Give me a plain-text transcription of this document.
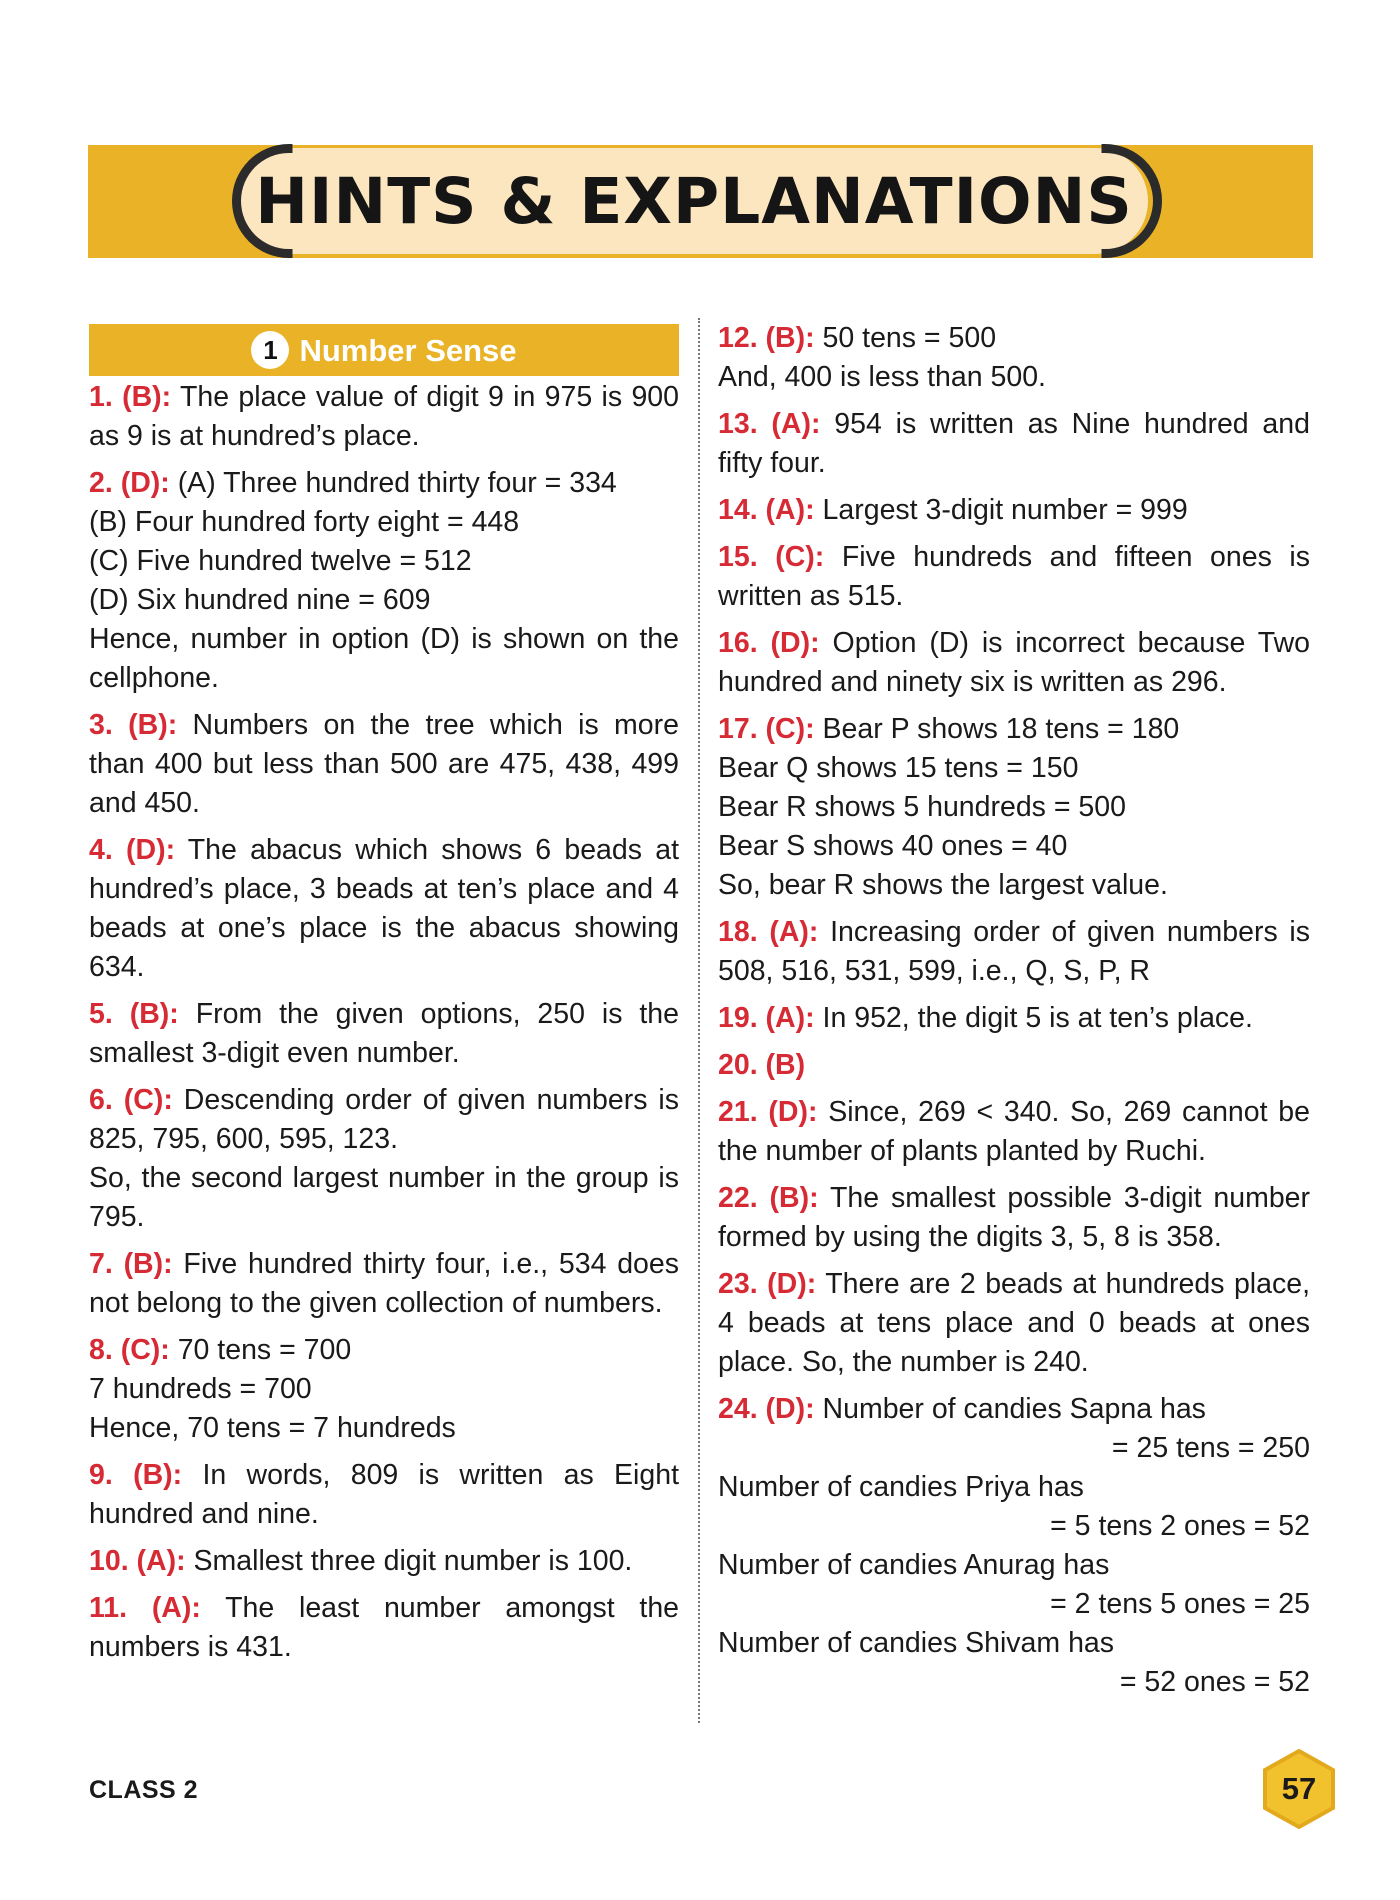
HINTS & EXPLANATIONS
1 Number Sense
1. (B): The place value of digit 9 in 975 is 900 as 9 is at hundred’s place.
2. (D): (A) Three hundred thirty four = 334
(B) Four hundred forty eight = 448
(C) Five hundred twelve = 512
(D) Six hundred nine = 609
Hence, number in option (D) is shown on the cellphone.
3. (B): Numbers on the tree which is more than 400 but less than 500 are 475, 438, 499 and 450.
4. (D): The abacus which shows 6 beads at hundred’s place, 3 beads at ten’s place and 4 beads at one’s place is the abacus showing 634.
5. (B): From the given options, 250 is the smallest 3-digit even number.
6. (C): Descending order of given numbers is 825, 795, 600, 595, 123.
So, the second largest number in the group is 795.
7. (B): Five hundred thirty four, i.e., 534 does not belong to the given collection of numbers.
8. (C): 70 tens = 700
7 hundreds = 700
Hence, 70 tens = 7 hundreds
9. (B): In words, 809 is written as Eight hundred and nine.
10. (A): Smallest three digit number is 100.
11. (A): The least number amongst the numbers is 431.
12. (B): 50 tens = 500
And, 400 is less than 500.
13. (A): 954 is written as Nine hundred and fifty four.
14. (A): Largest 3-digit number = 999
15. (C): Five hundreds and fifteen ones is written as 515.
16. (D): Option (D) is incorrect because Two hundred and ninety six is written as 296.
17. (C): Bear P shows 18 tens = 180
Bear Q shows 15 tens = 150
Bear R shows 5 hundreds = 500
Bear S shows 40 ones = 40
So, bear R shows the largest value.
18. (A): Increasing order of given numbers is 508, 516, 531, 599, i.e., Q, S, P, R
19. (A): In 952, the digit 5 is at ten’s place.
20. (B)
21. (D): Since, 269 < 340. So, 269 cannot be the number of plants planted by Ruchi.
22. (B): The smallest possible 3-digit number formed by using the digits 3, 5, 8 is 358.
23. (D): There are 2 beads at hundreds place, 4 beads at tens place and 0 beads at ones place. So, the number is 240.
24. (D): Number of candies Sapna has
= 25 tens = 250
Number of candies Priya has
= 5 tens 2 ones = 52
Number of candies Anurag has
= 2 tens 5 ones = 25
Number of candies Shivam has
= 52 ones = 52
CLASS 2	57
